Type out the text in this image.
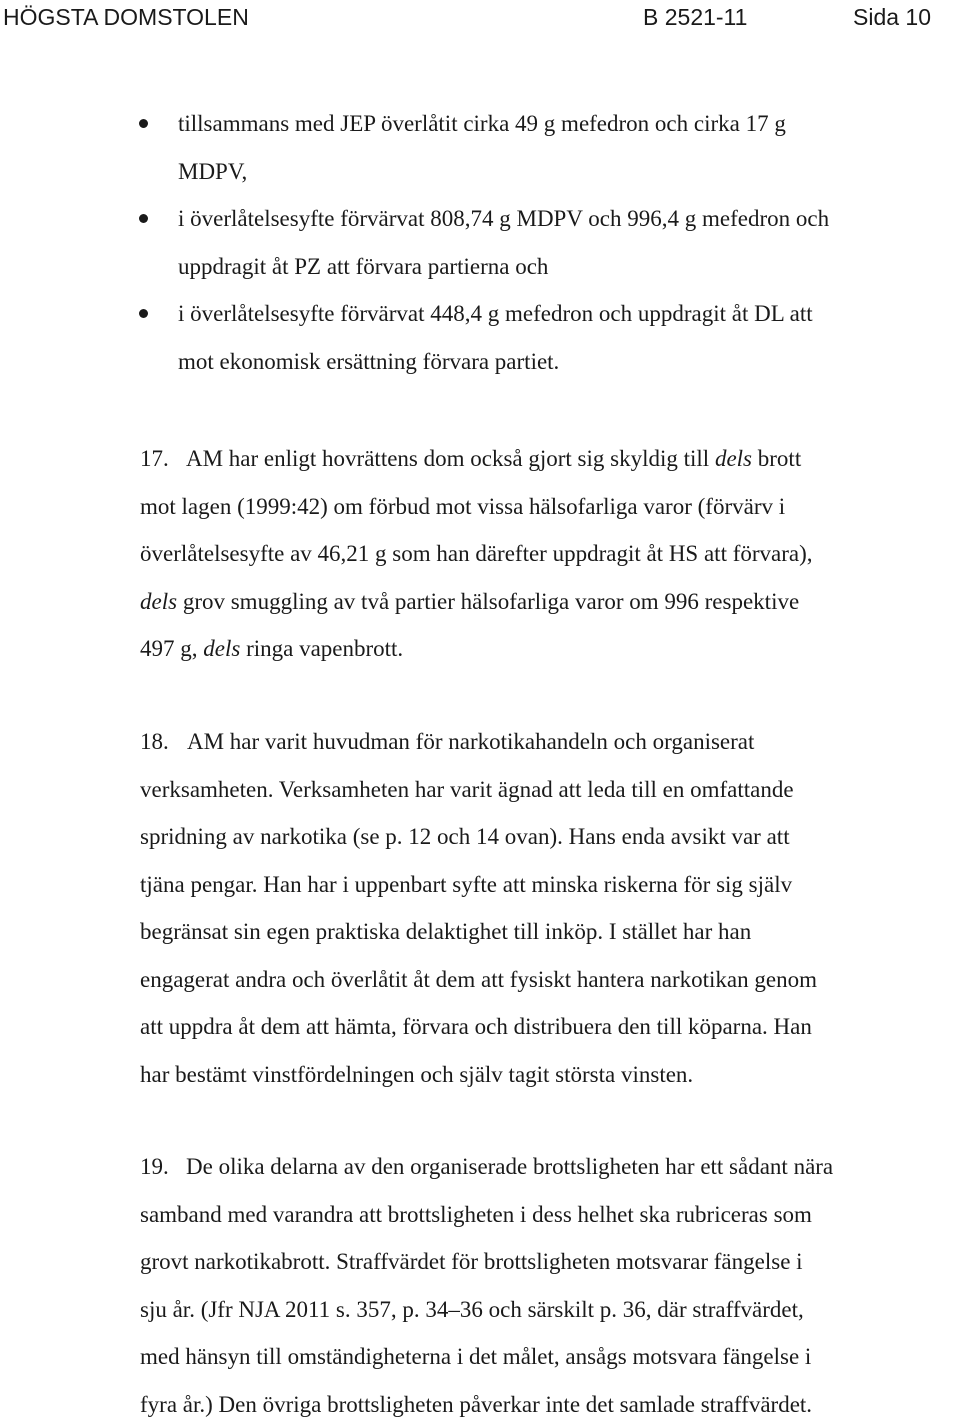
HÖGSTA DOMSTOLEN	B 2521-11	Sida 10
tillsammans med JEP överlåtit cirka 49 g mefedron och cirka 17 g
MDPV,
i överlåtelsesyfte förvärvat 808,74 g MDPV och 996,4 g mefedron och
uppdragit åt PZ att förvara partierna och
i överlåtelsesyfte förvärvat 448,4 g mefedron och uppdragit åt DL att
mot ekonomisk ersättning förvara partiet.
17. AM har enligt hovrättens dom också gjort sig skyldig till dels brott
mot lagen (1999:42) om förbud mot vissa hälsofarliga varor (förvärv i
överlåtelsesyfte av 46,21 g som han därefter uppdragit åt HS att förvara),
dels grov smuggling av två partier hälsofarliga varor om 996 respektive
497 g, dels ringa vapenbrott.
18. AM har varit huvudman för narkotikahandeln och organiserat
verksamheten. Verksamheten har varit ägnad att leda till en omfattande
spridning av narkotika (se p. 12 och 14 ovan). Hans enda avsikt var att
tjäna pengar. Han har i uppenbart syfte att minska riskerna för sig själv
begränsat sin egen praktiska delaktighet till inköp. I stället har han
engagerat andra och överlåtit åt dem att fysiskt hantera narkotikan genom
att uppdra åt dem att hämta, förvara och distribuera den till köparna. Han
har bestämt vinstfördelningen och själv tagit största vinsten.
19. De olika delarna av den organiserade brottsligheten har ett sådant nära
samband med varandra att brottsligheten i dess helhet ska rubriceras som
grovt narkotikabrott. Straffvärdet för brottsligheten motsvarar fängelse i
sju år. (Jfr NJA 2011 s. 357, p. 34–36 och särskilt p. 36, där straffvärdet,
med hänsyn till omständigheterna i det målet, ansågs motsvara fängelse i
fyra år.) Den övriga brottsligheten påverkar inte det samlade straffvärdet.
